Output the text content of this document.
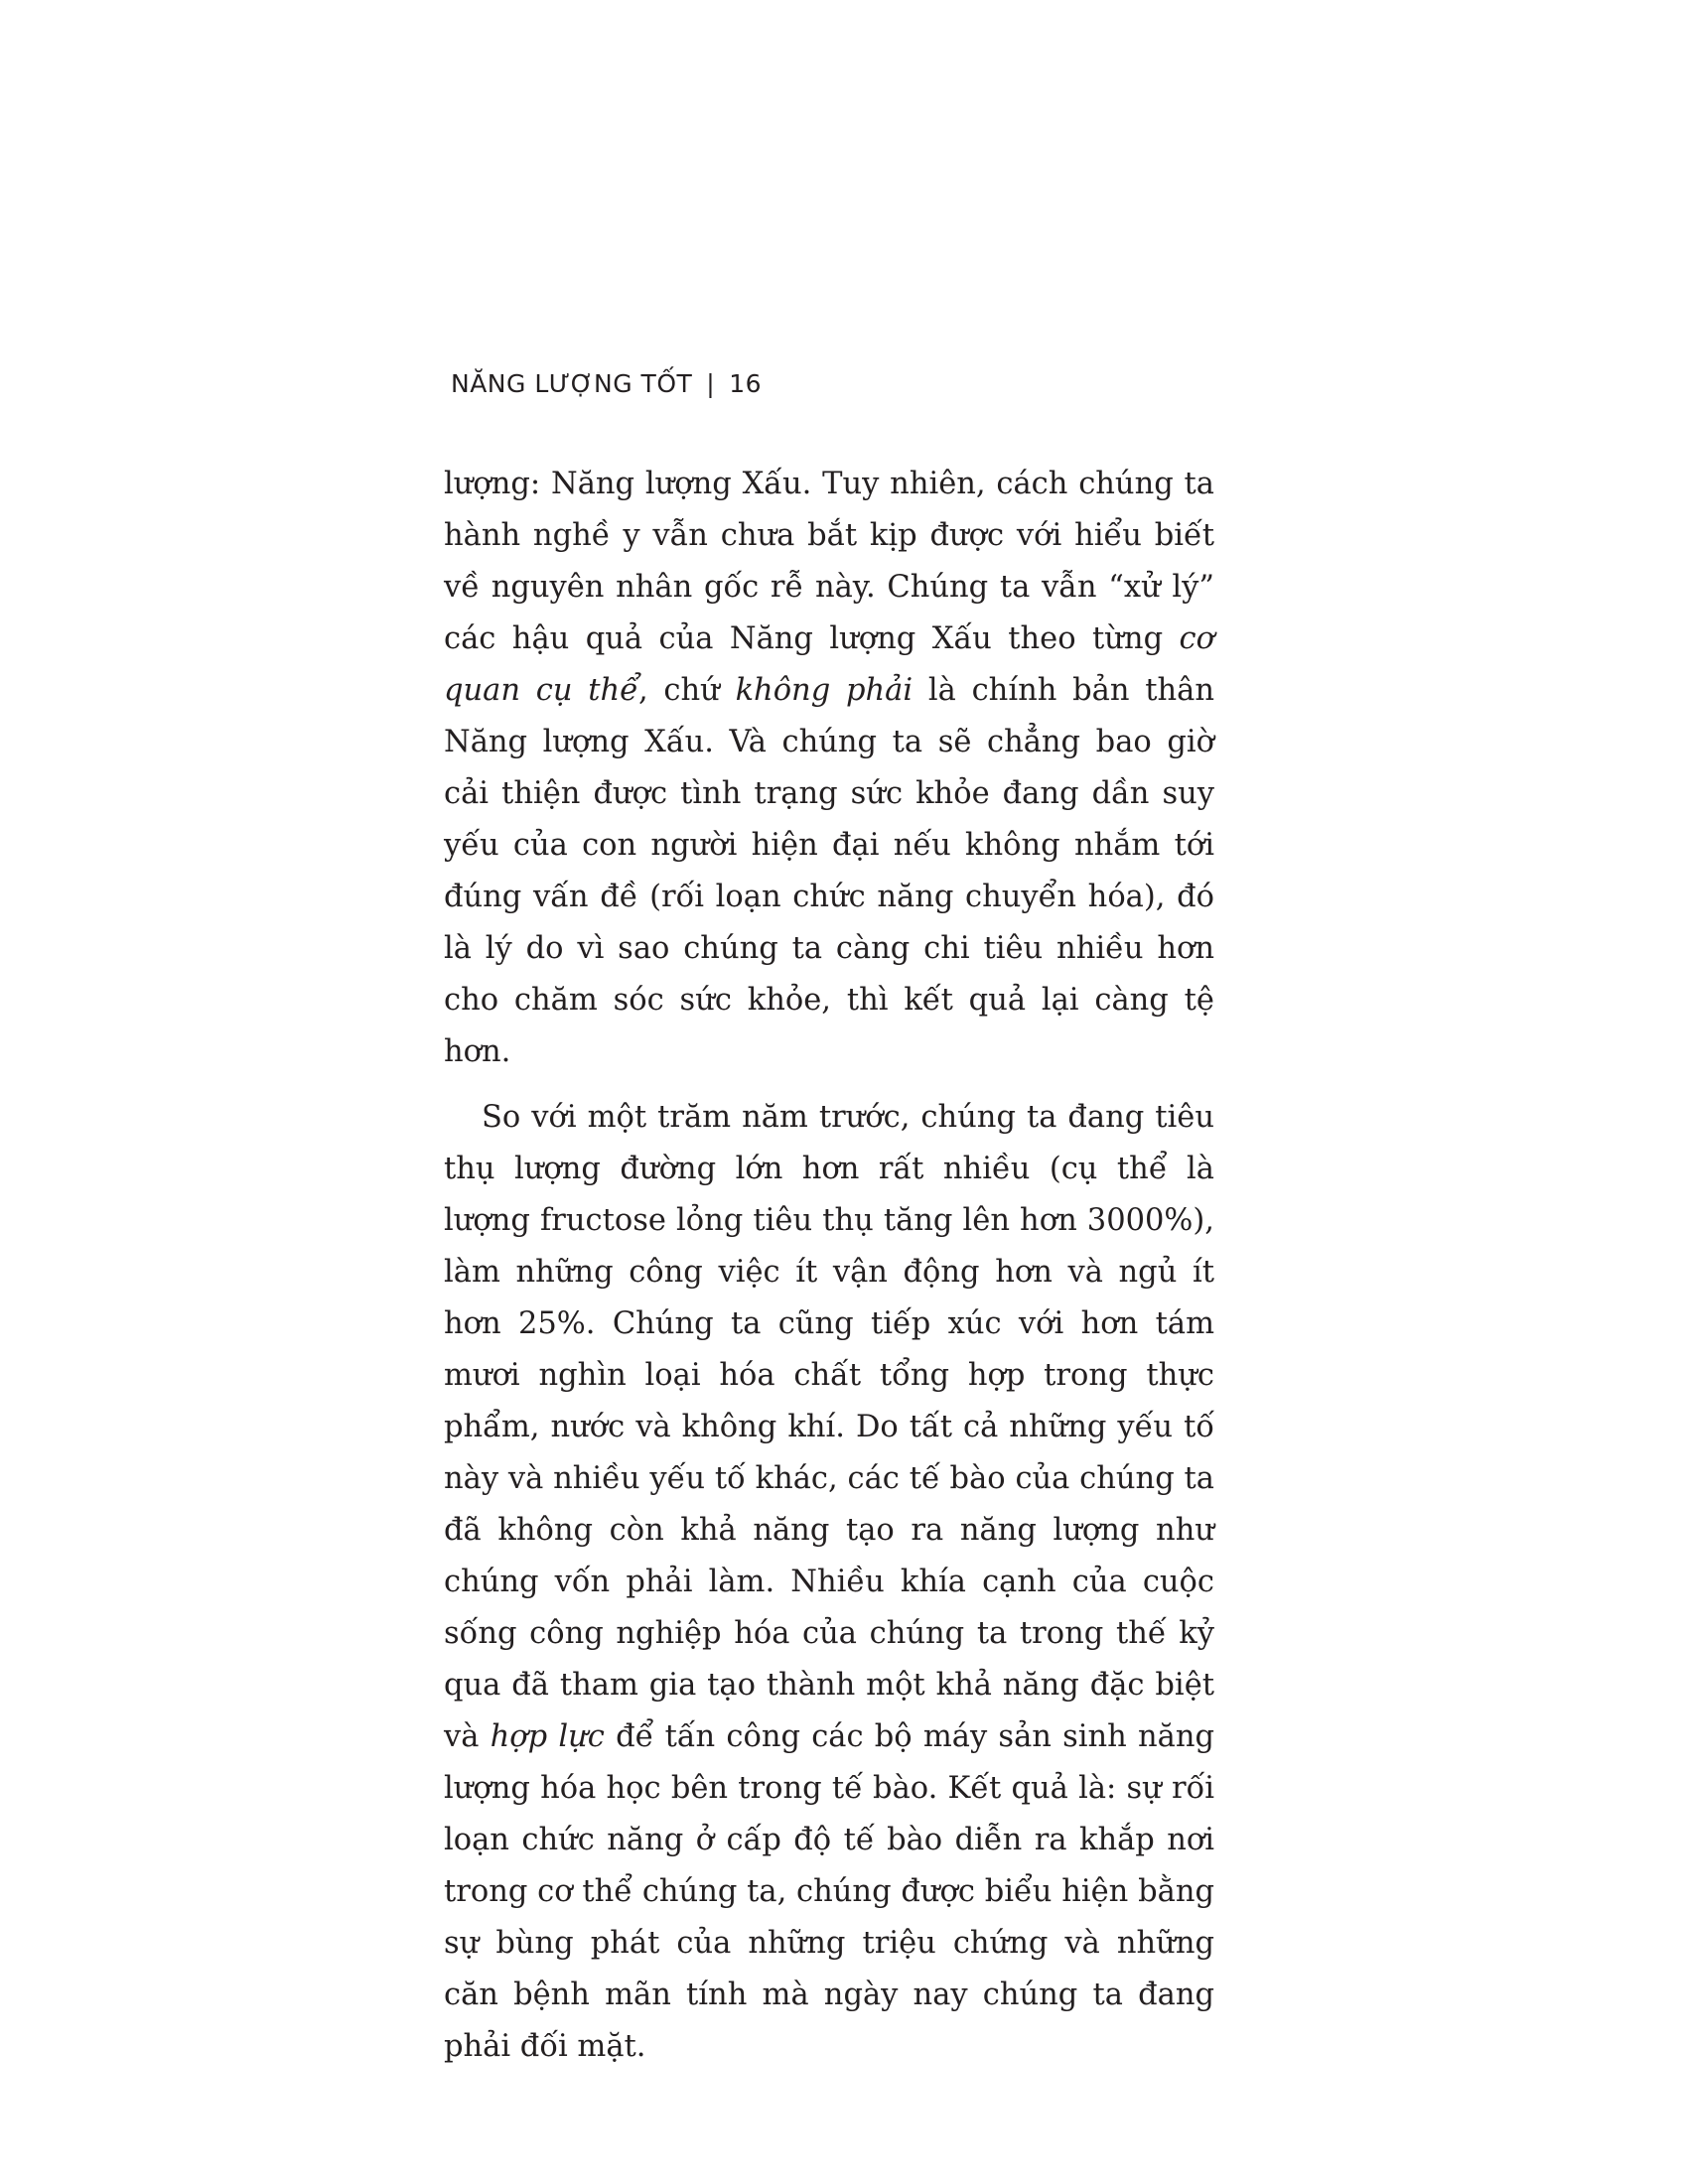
NĂNG LƯỢNG TỐT | 16

lượng: Năng lượng Xấu. Tuy nhiên, cách chúng ta hành nghề y vẫn chưa bắt kịp được với hiểu biết về nguyên nhân gốc rễ này. Chúng ta vẫn “xử lý” các hậu quả của Năng lượng Xấu theo từng cơ quan cụ thể, chứ không phải là chính bản thân Năng lượng Xấu. Và chúng ta sẽ chẳng bao giờ cải thiện được tình trạng sức khỏe đang dần suy yếu của con người hiện đại nếu không nhắm tới đúng vấn đề (rối loạn chức năng chuyển hóa), đó là lý do vì sao chúng ta càng chi tiêu nhiều hơn cho chăm sóc sức khỏe, thì kết quả lại càng tệ hơn.

So với một trăm năm trước, chúng ta đang tiêu thụ lượng đường lớn hơn rất nhiều (cụ thể là lượng fructose lỏng tiêu thụ tăng lên hơn 3000%), làm những công việc ít vận động hơn và ngủ ít hơn 25%. Chúng ta cũng tiếp xúc với hơn tám mươi nghìn loại hóa chất tổng hợp trong thực phẩm, nước và không khí. Do tất cả những yếu tố này và nhiều yếu tố khác, các tế bào của chúng ta đã không còn khả năng tạo ra năng lượng như chúng vốn phải làm. Nhiều khía cạnh của cuộc sống công nghiệp hóa của chúng ta trong thế kỷ qua đã tham gia tạo thành một khả năng đặc biệt và hợp lực để tấn công các bộ máy sản sinh năng lượng hóa học bên trong tế bào. Kết quả là: sự rối loạn chức năng ở cấp độ tế bào diễn ra khắp nơi trong cơ thể chúng ta, chúng được biểu hiện bằng sự bùng phát của những triệu chứng và những căn bệnh mãn tính mà ngày nay chúng ta đang phải đối mặt.
